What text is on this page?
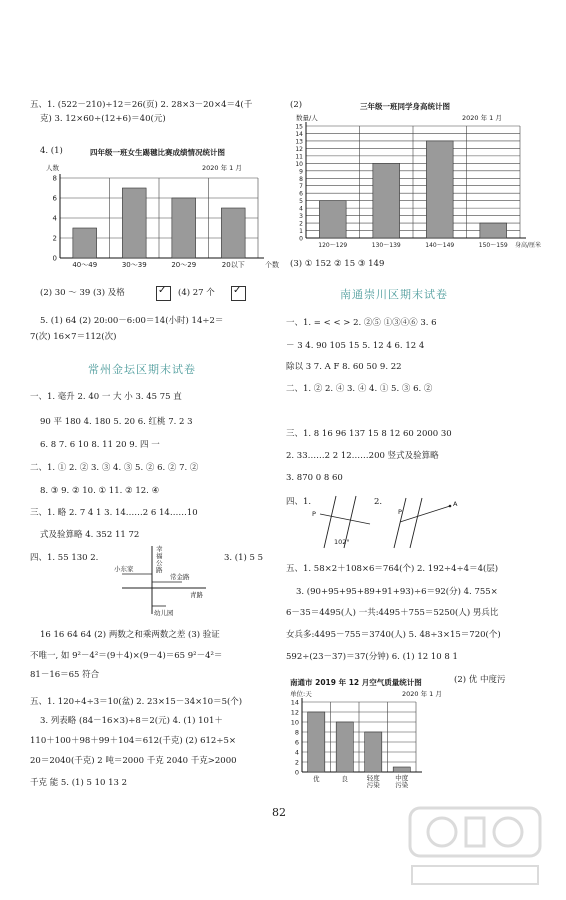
五、1. (522－210)÷12＝26(页) 2. 28×3－20×4＝4(千
克) 3. 12×60÷(12+6)＝40(元)
4. (1)	四年级一班女生踢毽比赛成绩情况统计图
人数	2020 年 1 月
0
2
4
6
8
40～49	30～39	20～29	20以下	个数
(2) 30 ～ 39 (3) 及格	✓ (4) 27 个 ✓
5. (1) 64 (2) 20:00－6:00＝14(小时) 14÷2＝
7(次) 16×7＝112(次)
常州金坛区期末试卷
一、1. 毫升 2. 40 一 大 小 3. 45 75 直
90 平 180 4. 180 5. 20 6. 红桃 7. 2 3
6. 8 7. 6 10 8. 11 20 9. 四 一
二、1. ① 2. ② 3. ③ 4. ③ 5. ② 6. ② 7. ②
8. ③ 9. ② 10. ① 11. ② 12. ④
三、1. 略 2. 7 4 1 3. 14……2 6 14……10
式及验算略 4. 352 11 72
四、1. 55 130 2.
小东家
常金路
幸福公路
青路
幼儿园
3. (1) 5 5
16 16 64 64 (2) 两数之和乘两数之差 (3) 验证
不唯一, 如 9²－4²＝(9＋4)×(9－4)＝65 9²－4²＝
81－16＝65 符合
五、1. 120÷4÷3＝10(盆) 2. 23×15－34×10＝5(个)
3. 列表略 (84－16×3)÷8＝2(元) 4. (1) 101＋
110＋100＋98＋99＋104＝612(千克) (2) 612÷5×
20＝2040(千克) 2 吨＝2000 千克 2040 千克>2000
千克 能 5. (1) 5 10 13 2
(2)	三年级一班同学身高统计图
数量/人	2020 年 1 月
0
1
2
3
4
5
6
7
8
9
10
11
12
13
14
15
120～129	130～139	140～149	150～159 身高/厘米
(3) ① 152 ② 15 ③ 149
南通崇川区期末试卷
一、1. = < < > 2. ②⑤ ①③④⑥ 3. 6
－ 3 4. 90 105 15 5. 12 4 6. 12 4
除以 3 7. A F 8. 60 50 9. 22
二、1. ② 2. ④ 3. ④ 4. ① 5. ③ 6. ②
三、1. 8 16 96 137 15 8 12 60 2000 30
2. 33……2 2 12……200 竖式及验算略
3. 870 0 8 60
四、1.
P
102°
2.
P
A
五、1. 58×2＋108×6＝764(个) 2. 192÷4÷4＝4(层)
3. (90+95+95+89+91+93)÷6＝92(分) 4. 755×
6－35＝4495(人) 一共:4495＋755＝5250(人) 男兵比
女兵多:4495－755＝3740(人) 5. 48÷3×15＝720(个)
592÷(23－37)＝37(分钟) 6. (1) 12 10 8 1
南通市 2019 年 12 月空气质量统计图	(2) 优 中度污
单位:天	2020 年 1 月
0
2
4
6
8
10
12
14
优	良	轻度
污染
中度
污染
82
